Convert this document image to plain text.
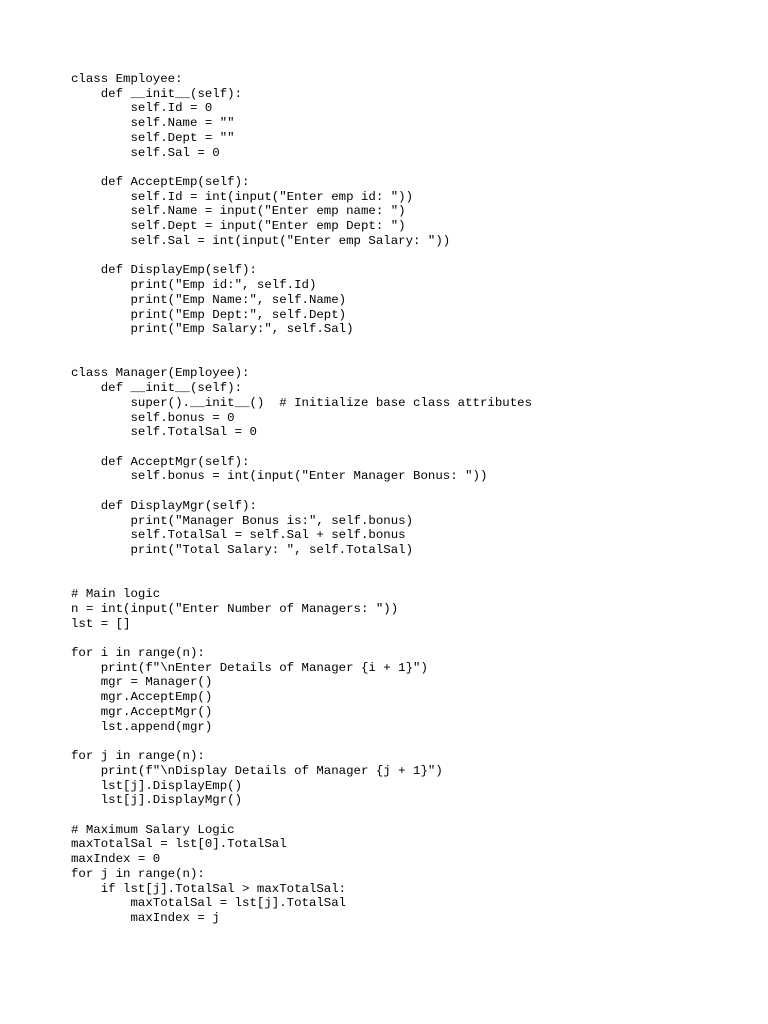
class Employee:
def __init__(self):
self.Id = 0
self.Name = ""
self.Dept = ""
self.Sal = 0
def AcceptEmp(self):
self.Id = int(input("Enter emp id: "))
self.Name = input("Enter emp name: ")
self.Dept = input("Enter emp Dept: ")
self.Sal = int(input("Enter emp Salary: "))
def DisplayEmp(self):
print("Emp id:", self.Id)
print("Emp Name:", self.Name)
print("Emp Dept:", self.Dept)
print("Emp Salary:", self.Sal)
class Manager(Employee):
def __init__(self):
super().__init__()  # Initialize base class attributes
self.bonus = 0
self.TotalSal = 0
def AcceptMgr(self):
self.bonus = int(input("Enter Manager Bonus: "))
def DisplayMgr(self):
print("Manager Bonus is:", self.bonus)
self.TotalSal = self.Sal + self.bonus
print("Total Salary: ", self.TotalSal)
# Main logic
n = int(input("Enter Number of Managers: "))
lst = []
for i in range(n):
print(f"\nEnter Details of Manager {i + 1}")
mgr = Manager()
mgr.AcceptEmp()
mgr.AcceptMgr()
lst.append(mgr)
for j in range(n):
print(f"\nDisplay Details of Manager {j + 1}")
lst[j].DisplayEmp()
lst[j].DisplayMgr()
# Maximum Salary Logic
maxTotalSal = lst[0].TotalSal
maxIndex = 0
for j in range(n):
if lst[j].TotalSal > maxTotalSal:
maxTotalSal = lst[j].TotalSal
maxIndex = j
